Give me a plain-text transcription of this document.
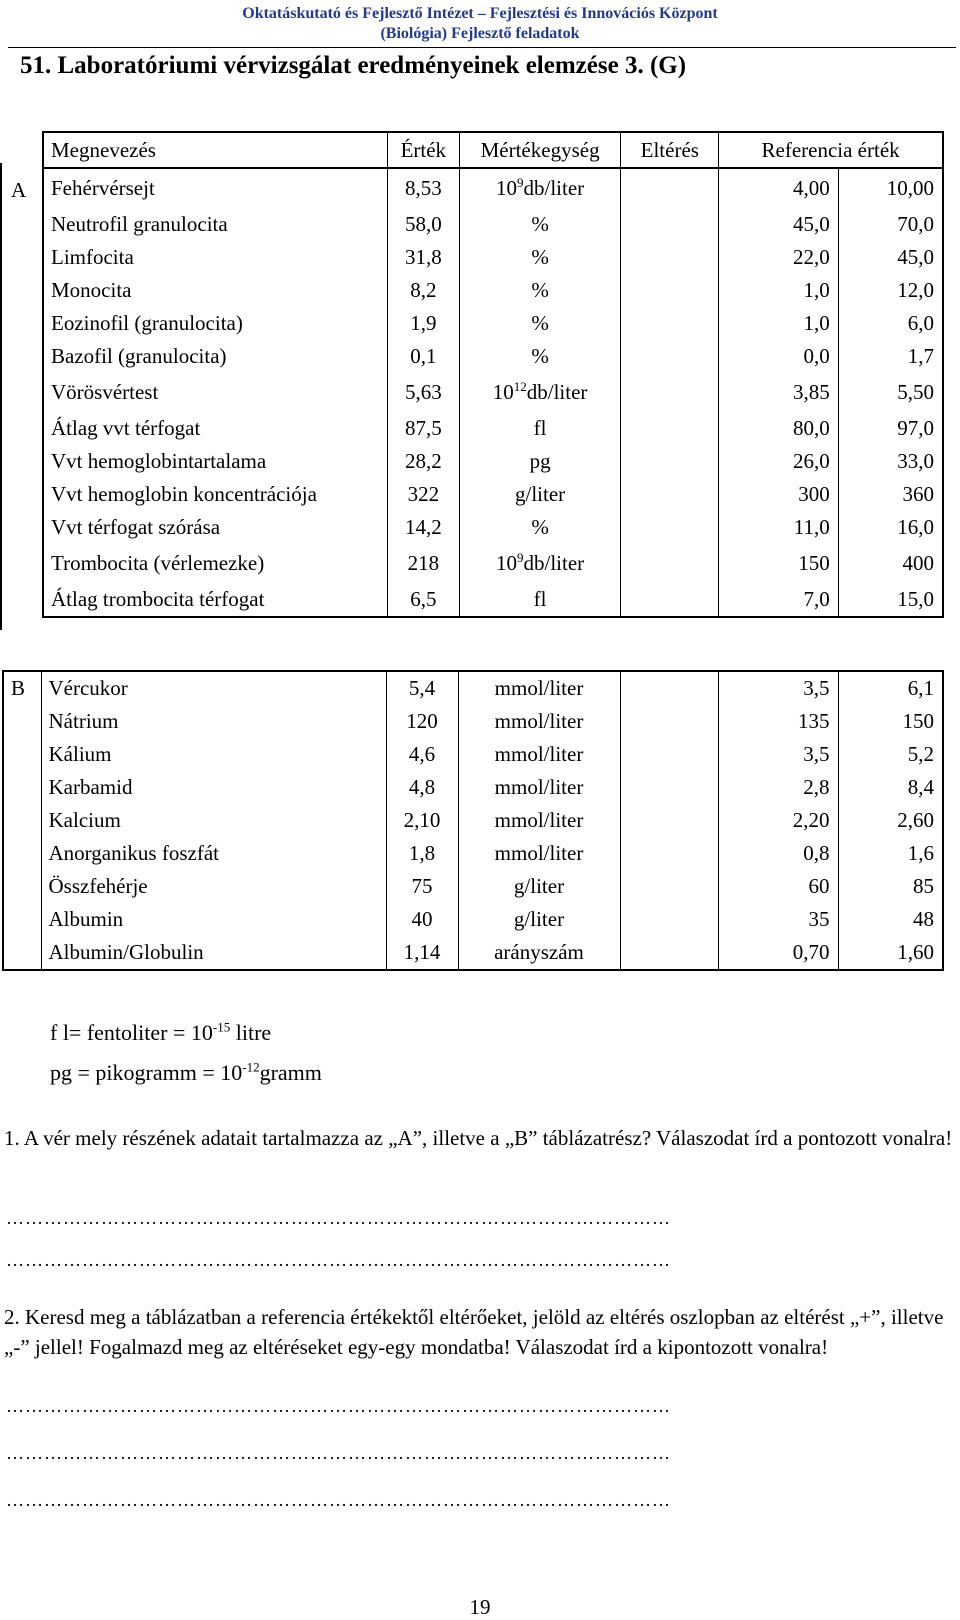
Oktatáskutató és Fejlesztő Intézet – Fejlesztési és Innovációs Központ
(Biológia) Fejlesztő feladatok
51. Laboratóriumi vérvizsgálat eredményeinek elemzése 3. (G)
A
Megnevezés	Érték	Mértékegység	Eltérés	Referencia érték	
Fehérvérsejt	8,53	$10^9db$/liter		4,00	10,00
Neutrofil granulocita	58,0	%		45,0	70,0
Limfocita	31,8	%		22,0	45,0
Monocita	8,2	%		1,0	12,0
Eozinofil (granulocita)	1,9	%		1,0	6,0
Bazofil (granulocita)	0,1	%		0,0	1,7
Vörösvértest	5,63	$10^{12}db$/liter		3,85	5,50
Átlag vvt térfogat	87,5	fl		80,0	97,0
Vvt hemoglobintartalama	28,2	pg		26,0	33,0
Vvt hemoglobin koncentrációja	322	g/liter		300	360
Vvt térfogat szórása	14,2	%		11,0	16,0
Trombocita (vérlemezke)	218	$10^9db$/liter		150	400
Átlag trombocita térfogat	6,5	fl		7,0	15,0
B
	Vércukor	5,4	mmol/liter		3,5	6,1
	Nátrium	120	mmol/liter		135	150
	Kálium	4,6	mmol/liter		3,5	5,2
	Karbamid	4,8	mmol/liter		2,8	8,4
	Kalcium	2,10	mmol/liter		2,20	2,60
	Anorganikus foszfát	1,8	mmol/liter		0,8	1,6
	Összfehérje	75	g/liter		60	85
	Albumin	40	g/liter		35	48
	Albumin/Globulin	1,14	arányszám		0,70	1,60
f l= fentoliter = $10^{-15}$ litre
pg = pikogramm = $10^{-12}gramm$
1. A vér mely részének adatait tartalmazza az „A”, illetve a „B” táblázatrész? Válaszodat írd a pontozott vonalra!
……………………………………………………………………………………………
……………………………………………………………………………………………
2. Keresd meg a táblázatban a referencia értékektől eltérőeket, jelöld az eltérés oszlopban az eltérést „+”, illetve „-” jellel! Fogalmazd meg az eltéréseket egy-egy mondatba! Válaszodat írd a kipontozott vonalra!
……………………………………………………………………………………………
……………………………………………………………………………………………
……………………………………………………………………………………………
19
